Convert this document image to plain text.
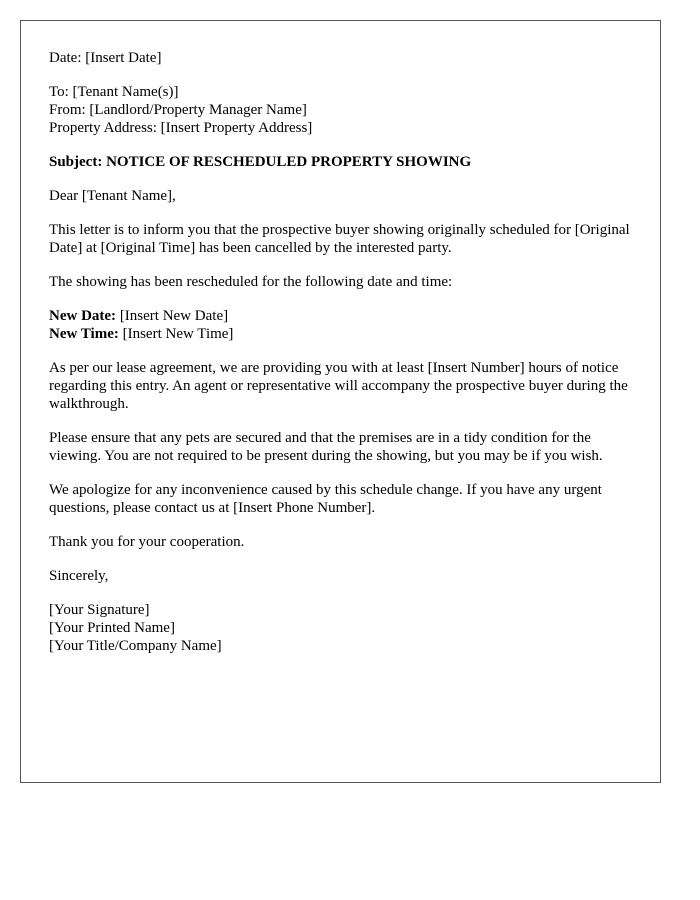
Date: [Insert Date]

To: [Tenant Name(s)]
From: [Landlord/Property Manager Name]
Property Address: [Insert Property Address]

Subject: NOTICE OF RESCHEDULED PROPERTY SHOWING

Dear [Tenant Name],

This letter is to inform you that the prospective buyer showing originally scheduled for [Original Date] at [Original Time] has been cancelled by the interested party.

The showing has been rescheduled for the following date and time:

New Date: [Insert New Date]
New Time: [Insert New Time]

As per our lease agreement, we are providing you with at least [Insert Number] hours of notice regarding this entry. An agent or representative will accompany the prospective buyer during the walkthrough.

Please ensure that any pets are secured and that the premises are in a tidy condition for the viewing. You are not required to be present during the showing, but you may be if you wish.

We apologize for any inconvenience caused by this schedule change. If you have any urgent questions, please contact us at [Insert Phone Number].

Thank you for your cooperation.

Sincerely,

[Your Signature]
[Your Printed Name]
[Your Title/Company Name]
